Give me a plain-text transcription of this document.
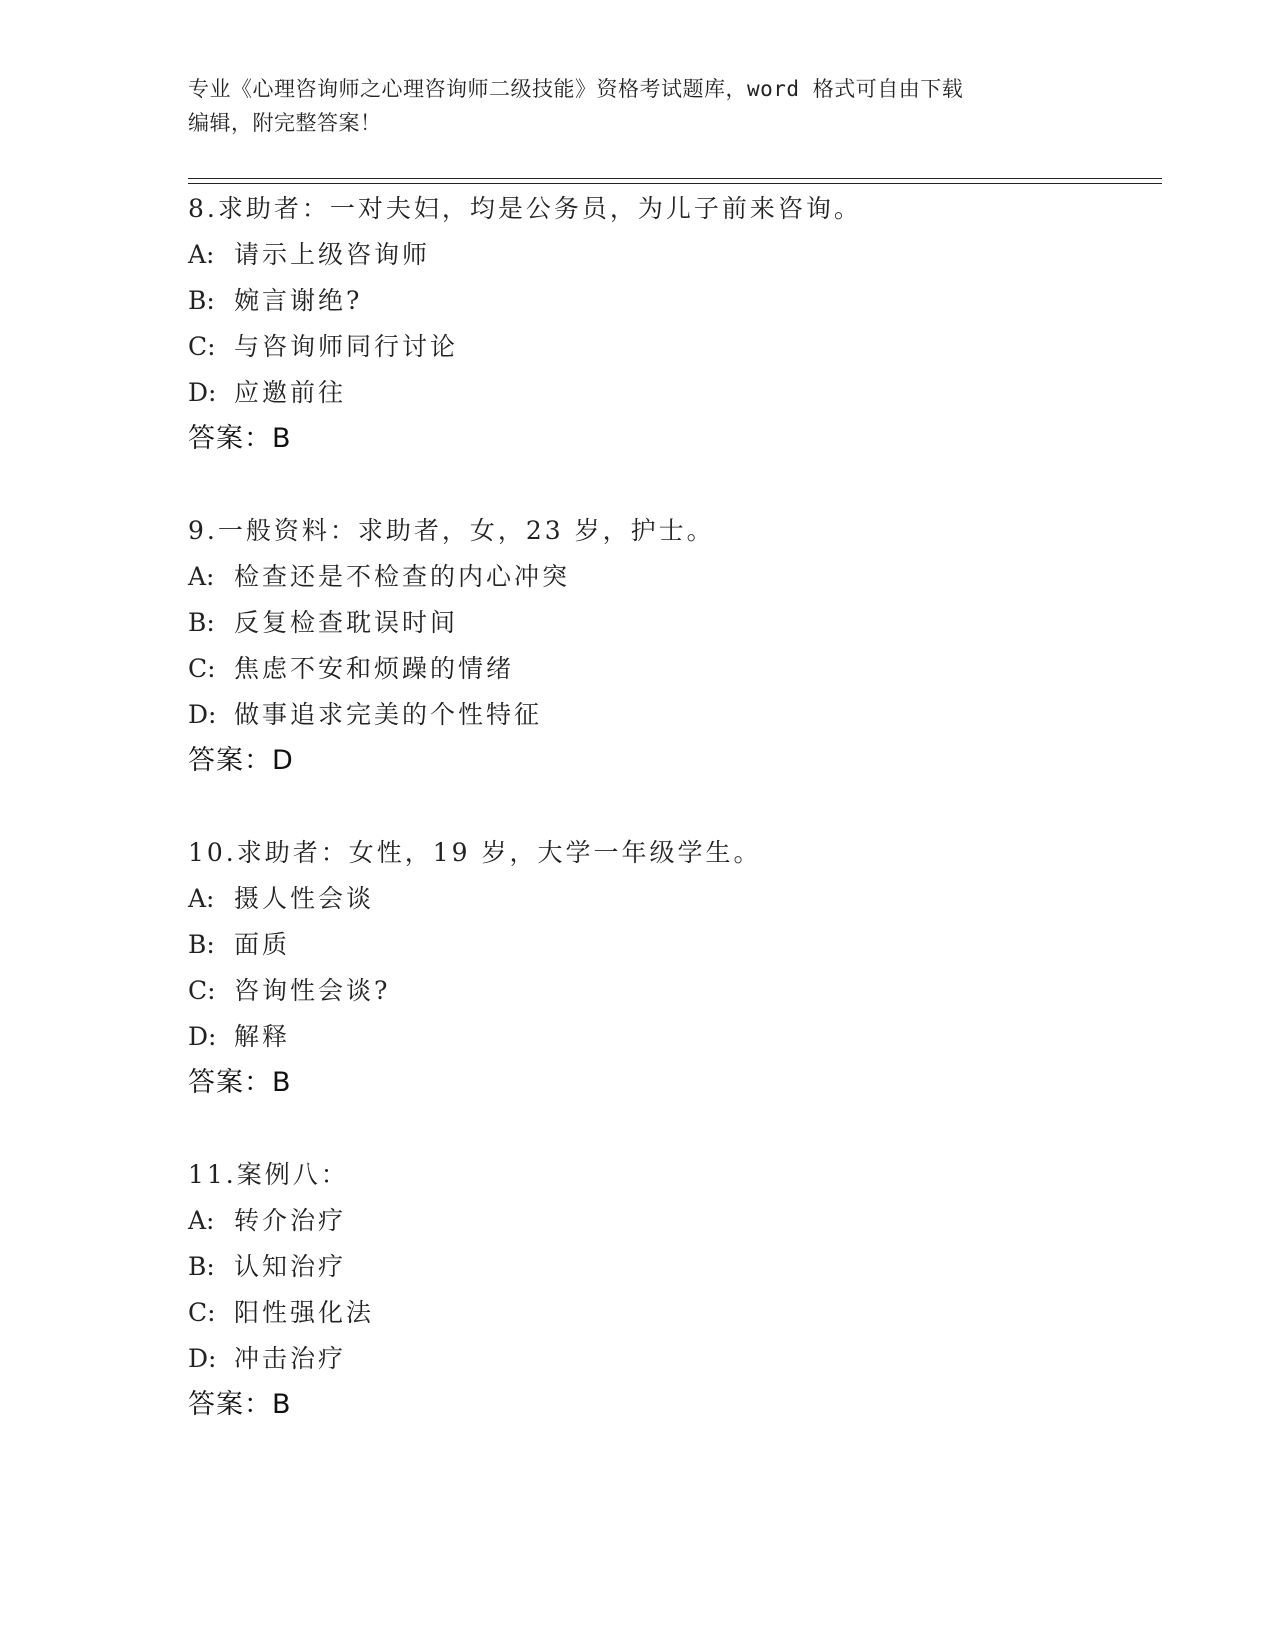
专业《心理咨询师之心理咨询师二级技能》资格考试题库，word 格式可自由下载
编辑，附完整答案！
8.求助者：一对夫妇，均是公务员，为儿子前来咨询。
A: 请示上级咨询师
B: 婉言谢绝?
C: 与咨询师同行讨论
D: 应邀前往
答案：B
9.一般资料：求助者，女，23 岁，护士。
A: 检查还是不检查的内心冲突
B: 反复检查耽误时间
C: 焦虑不安和烦躁的情绪
D: 做事追求完美的个性特征
答案：D
10.求助者：女性，19 岁，大学一年级学生。
A: 摄人性会谈
B: 面质
C: 咨询性会谈?
D: 解释
答案：B
11.案例八：
A: 转介治疗
B: 认知治疗
C: 阳性强化法
D: 冲击治疗
答案：B
